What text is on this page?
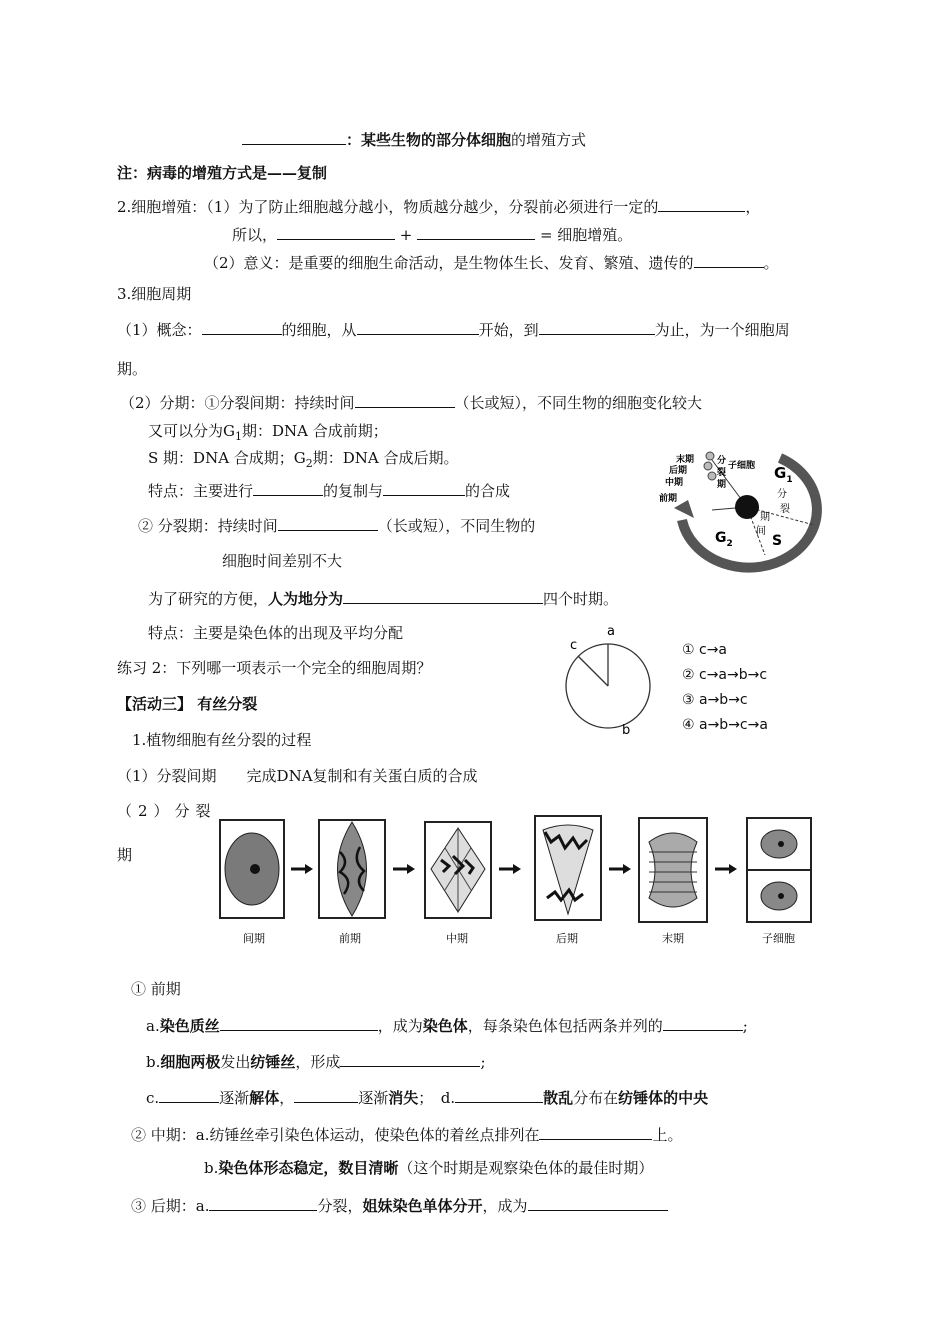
：某些生物的部分体细胞的增殖方式
注：病毒的增殖方式是——复制
2.细胞增殖：（1）为了防止细胞越分越小，物质越分越少，分裂前必须进行一定的	，
所以，	+	= 细胞增殖。
（2）意义：是重要的细胞生命活动，是生物体生长、发育、繁殖、遗传的	。
3.细胞周期
（1）概念：	的细胞，从	开始，到	为止，为一个细胞周
期。
（2）分期：①分裂间期：持续时间	（长或短），不同生物的细胞变化较大
又可以分为$G_1$期：DNA 合成前期；
S 期：DNA 合成期；$G_2$期：DNA 合成后期。
特点：主要进行	的复制与	的合成
② 分裂期：持续时间	（长或短），不同生物的
细胞时间差别不大
为了研究的方便，人为地分为	四个时期。
特点：主要是染色体的出现及平均分配
练习 2：下列哪一项表示一个完全的细胞周期？
$G_1$
分
裂
期
间
S
$G_2$
分
裂
期
末期
后期
中期
前期
子细胞
a
c
b
① c→a
② c→a→b→c
③ a→b→c
④ a→b→c→a
【活动三】 有丝分裂
1.植物细胞有丝分裂的过程
（1）分裂间期　　完成DNA复制和有关蛋白质的合成
（2）分裂
期
间期	前期	中期	后期	末期	子细胞
① 前期
a.染色质丝	，成为染色体，每条染色体包括两条并列的	;
b.细胞两极发出纺锤丝，形成	;
c.	逐渐解体，	逐渐消失；　d.	散乱分布在纺锤体的中央
② 中期：a.纺锤丝牵引染色体运动，使染色体的着丝点排列在	上。
b.染色体形态稳定，数目清晰（这个时期是观察染色体的最佳时期）
③ 后期：a.	分裂，姐妹染色单体分开，成为
